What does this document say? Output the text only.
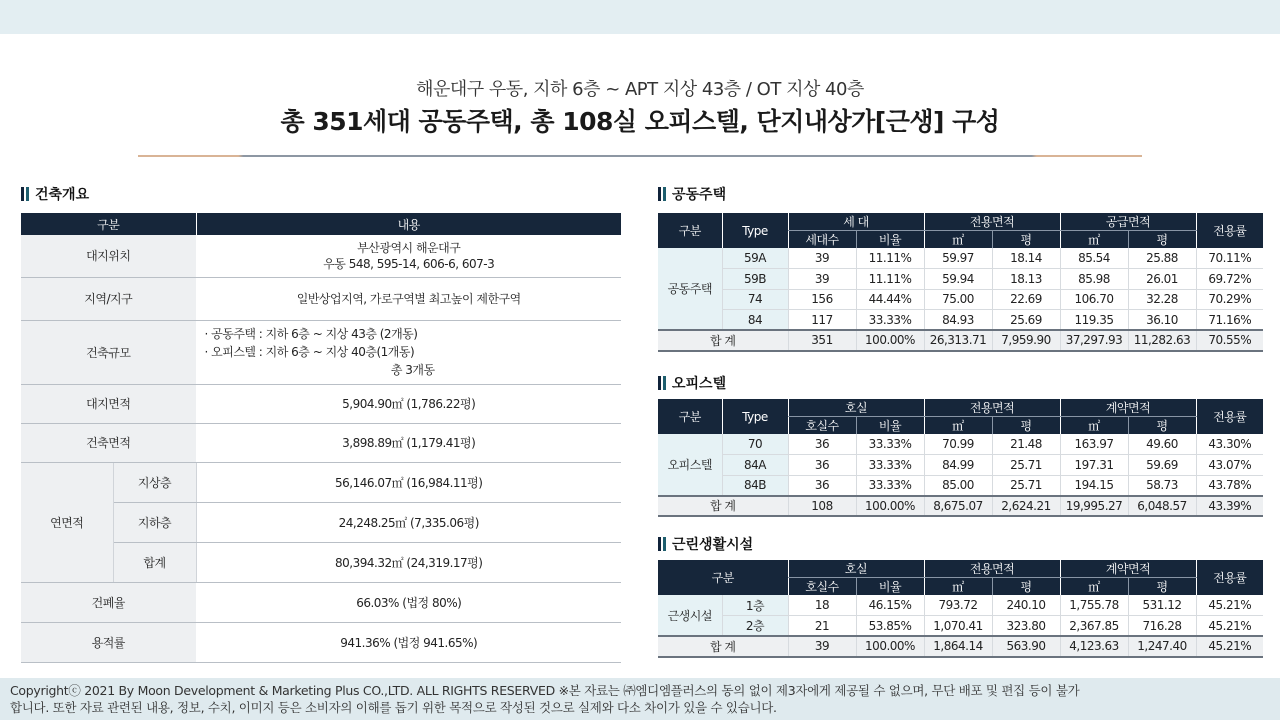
해운대구 우동, 지하 6층 ~ APT 지상 43층 / OT 지상 40층
총 351세대 공동주택, 총 108실 오피스텔, 단지내상가[근생] 구성
건축개요
구분		내용
대지위치		부산광역시 해운대구
우동 548, 595-14, 606-6, 607-3

지역/지구		일반상업지역, 가로구역별 최고높이 제한구역
건축규모		· 공동주택 : 지하 6층 ~ 지상 43층 (2개동)
· 오피스텔 : 지하 6층 ~ 지상 40층(1개동)
총 3개동

대지면적		5,904.90㎡ (1,786.22평)
건축면적		3,898.89㎡ (1,179.41평)
연면적	지상층	56,146.07㎡ (16,984.11평)
	지하층	24,248.25㎡ (7,335.06평)
	합계	80,394.32㎡ (24,319.17평)
건폐율		66.03% (법정 80%)
용적률		941.36% (법정 941.65%)
공동주택
구분	Type	세 대		전용면적		공급면적		전용률
		세대수	비율	㎡	평	㎡	평	
공동주택	59A	39	11.11%	59.97	18.14	85.54	25.88	70.11%
	59B	39	11.11%	59.94	18.13	85.98	26.01	69.72%
	74	156	44.44%	75.00	22.69	106.70	32.28	70.29%
	84	117	33.33%	84.93	25.69	119.35	36.10	71.16%
합 계		351	100.00%	26,313.71	7,959.90	37,297.93	11,282.63	70.55%
오피스텔
구분	Type	호실		전용면적		계약면적		전용률
		호실수	비율	㎡	평	㎡	평	
오피스텔	70	36	33.33%	70.99	21.48	163.97	49.60	43.30%
	84A	36	33.33%	84.99	25.71	197.31	59.69	43.07%
	84B	36	33.33%	85.00	25.71	194.15	58.73	43.78%
합 계		108	100.00%	8,675.07	2,624.21	19,995.27	6,048.57	43.39%
근린생활시설
구분		호실		전용면적		계약면적		전용률
		호실수	비율	㎡	평	㎡	평	
근생시설	1층	18	46.15%	793.72	240.10	1,755.78	531.12	45.21%
	2층	21	53.85%	1,070.41	323.80	2,367.85	716.28	45.21%
합 계		39	100.00%	1,864.14	563.90	4,123.63	1,247.40	45.21%
Copyrightⓒ 2021 By Moon Development & Marketing Plus CO.,LTD. ALL RIGHTS RESERVED ※본 자료는 ㈜엠디엠플러스의 동의 없이 제3자에게 제공될 수 없으며, 무단 배포 및 편집 등이 불가
합니다. 또한 자료 관련된 내용, 정보, 수치, 이미지 등은 소비자의 이해를 돕기 위한 목적으로 작성된 것으로 실제와 다소 차이가 있을 수 있습니다.
